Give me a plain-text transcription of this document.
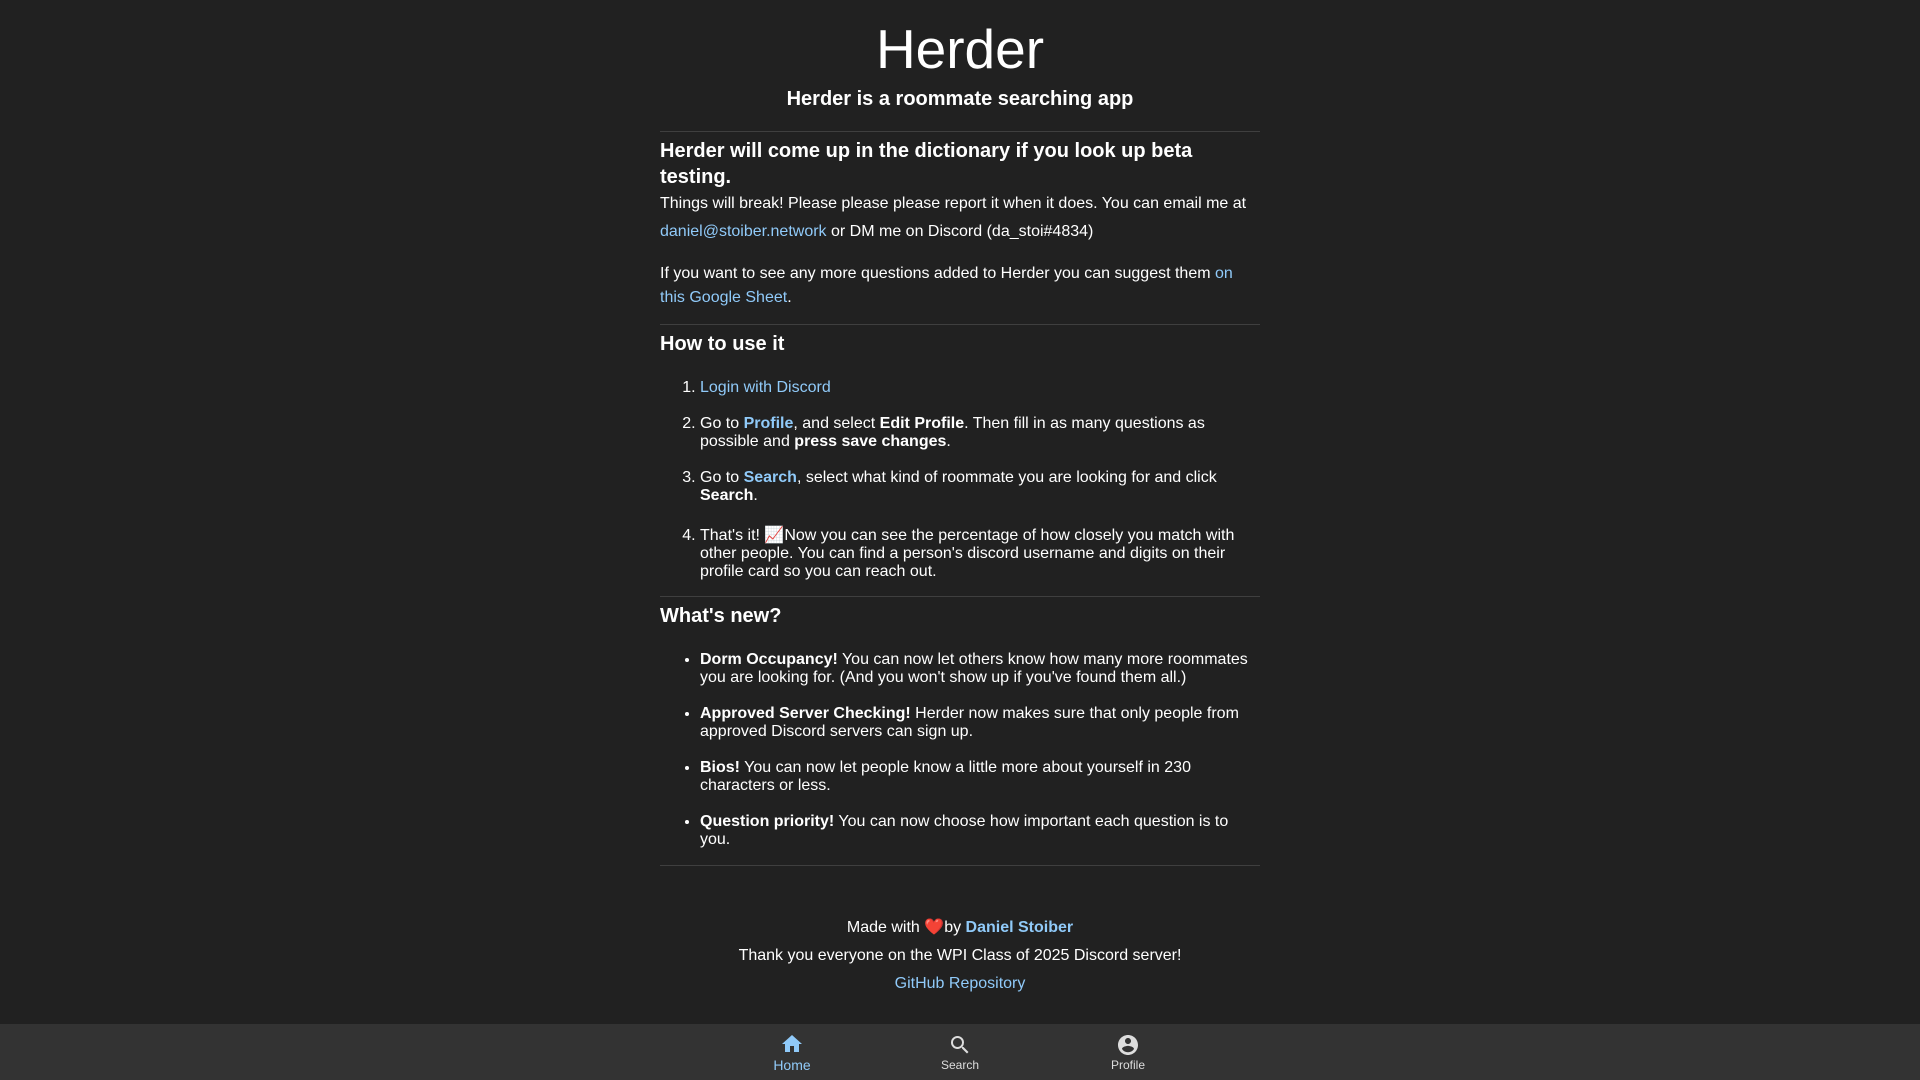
Herder
Herder is a roommate searching app
Herder will come up in the dictionary if you look up beta testing.

Things will break! Please please please report it when it does. You can email me at
daniel@stoiber.network or DM me on Discord (da_stoi#4834)

If you want to see any more questions added to Herder you can suggest them on this Google Sheet.

How to use it
1. Login with Discord
2. Go to Profile, and select Edit Profile. Then fill in as many questions as possible and press save changes.
3. Go to Search, select what kind of roommate you are looking for and click Search.
4. That's it! 📈Now you can see the percentage of how closely you match with other people. You can find a person's discord username and digits on their profile card so you can reach out.
What's new?
• Dorm Occupancy! You can now let others know how many more roommates you are looking for. (And you won't show up if you've found them all.)
• Approved Server Checking! Herder now makes sure that only people from approved Discord servers can sign up.
• Bios! You can now let people know a little more about yourself in 230 characters or less.
• Question priority! You can now choose how important each question is to you.
Made with ❤️by Daniel Stoiber
Thank you everyone on the WPI Class of 2025 Discord server!
GitHub Repository
Home	Search	Profile
